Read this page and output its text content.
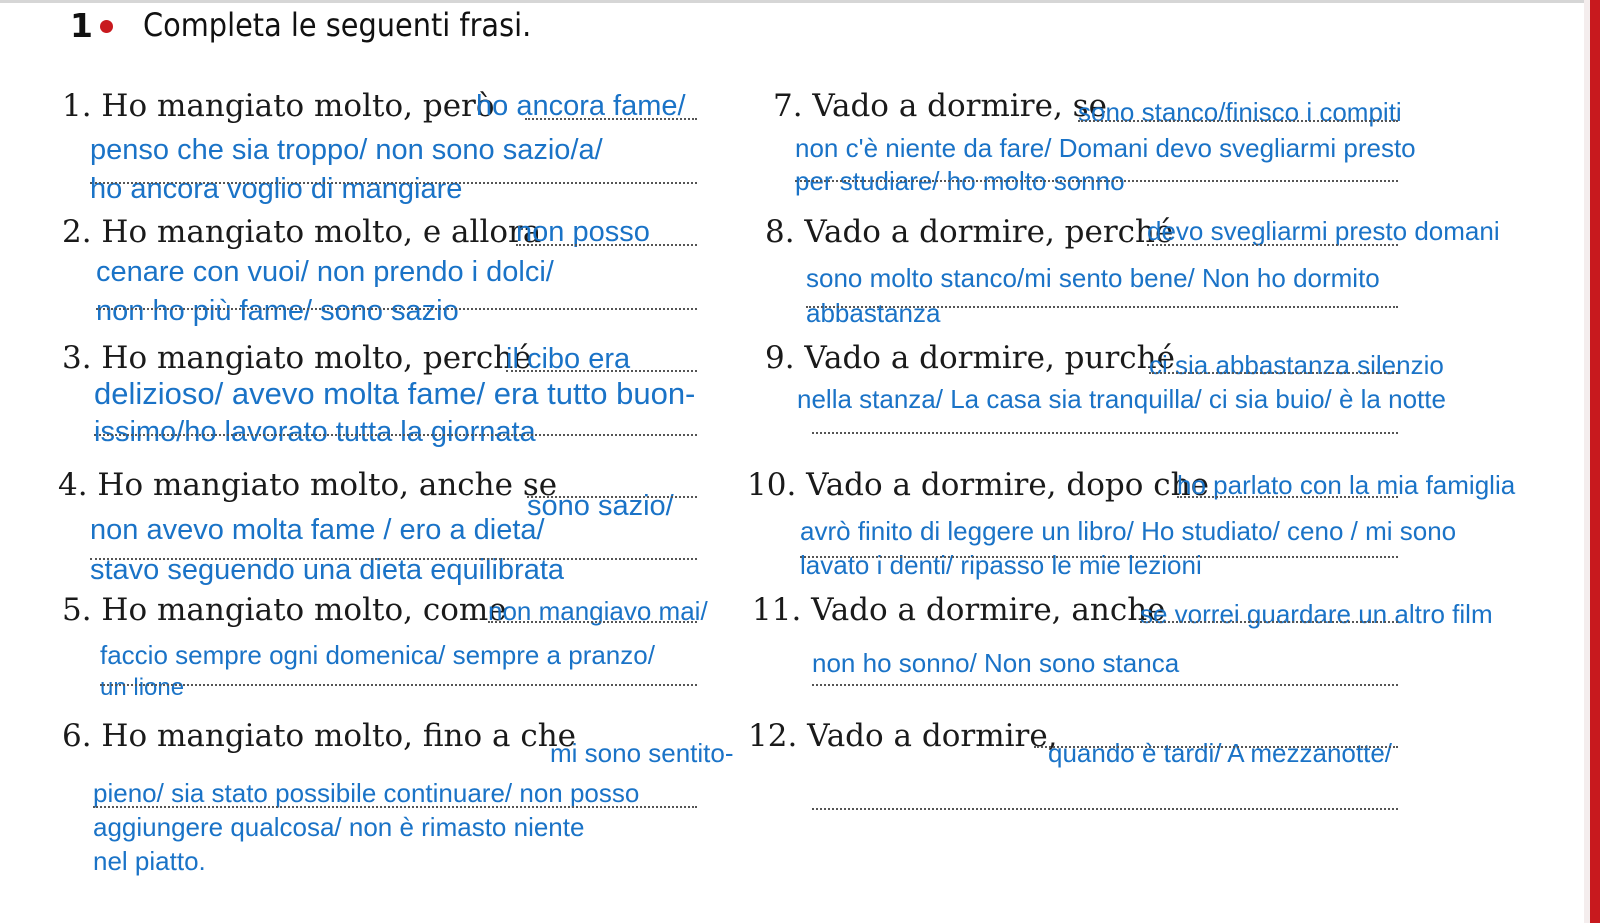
1 Completa le seguenti frasi.
1. Ho mangiato molto, però
ho ancora fame/
penso che sia troppo/ non sono sazio/a/
ho ancora voglio di mangiare
2. Ho mangiato molto, e allora
non posso
cenare con vuoi/ non prendo i dolci/
non ho più fame/ sono sazio
3. Ho mangiato molto, perché
il cibo era
delizioso/ avevo molta fame/ era tutto buon-
issimo/ho lavorato tutta la giornata
4. Ho mangiato molto, anche se
sono sazio/
non avevo molta fame / ero a dieta/
stavo seguendo una dieta equilibrata
5. Ho mangiato molto, come
non mangiavo mai/
faccio sempre ogni domenica/ sempre a pranzo/
un lione
6. Ho mangiato molto, fino a che
mi sono sentito-
pieno/ sia stato possibile continuare/ non posso
aggiungere qualcosa/ non è rimasto niente
nel piatto.
7. Vado a dormire, se
sono stanco/finisco i compiti
non c'è niente da fare/ Domani devo svegliarmi presto
per studiare/ ho molto sonno
8. Vado a dormire, perché
devo svegliarmi presto domani
sono molto stanco/mi sento bene/ Non ho dormito
abbastanza
9. Vado a dormire, purché
ci sia abbastanza silenzio
nella stanza/ La casa sia tranquilla/ ci sia buio/ è la notte
10. Vado a dormire, dopo che
ho parlato con la mia famiglia
avrò finito di leggere un libro/ Ho studiato/ ceno / mi sono
lavato i denti/ ripasso le mie lezioni
11. Vado a dormire, anche
se vorrei guardare un altro film
non ho sonno/ Non sono stanca
12. Vado a dormire,
quando è tardi/ A mezzanotte/
